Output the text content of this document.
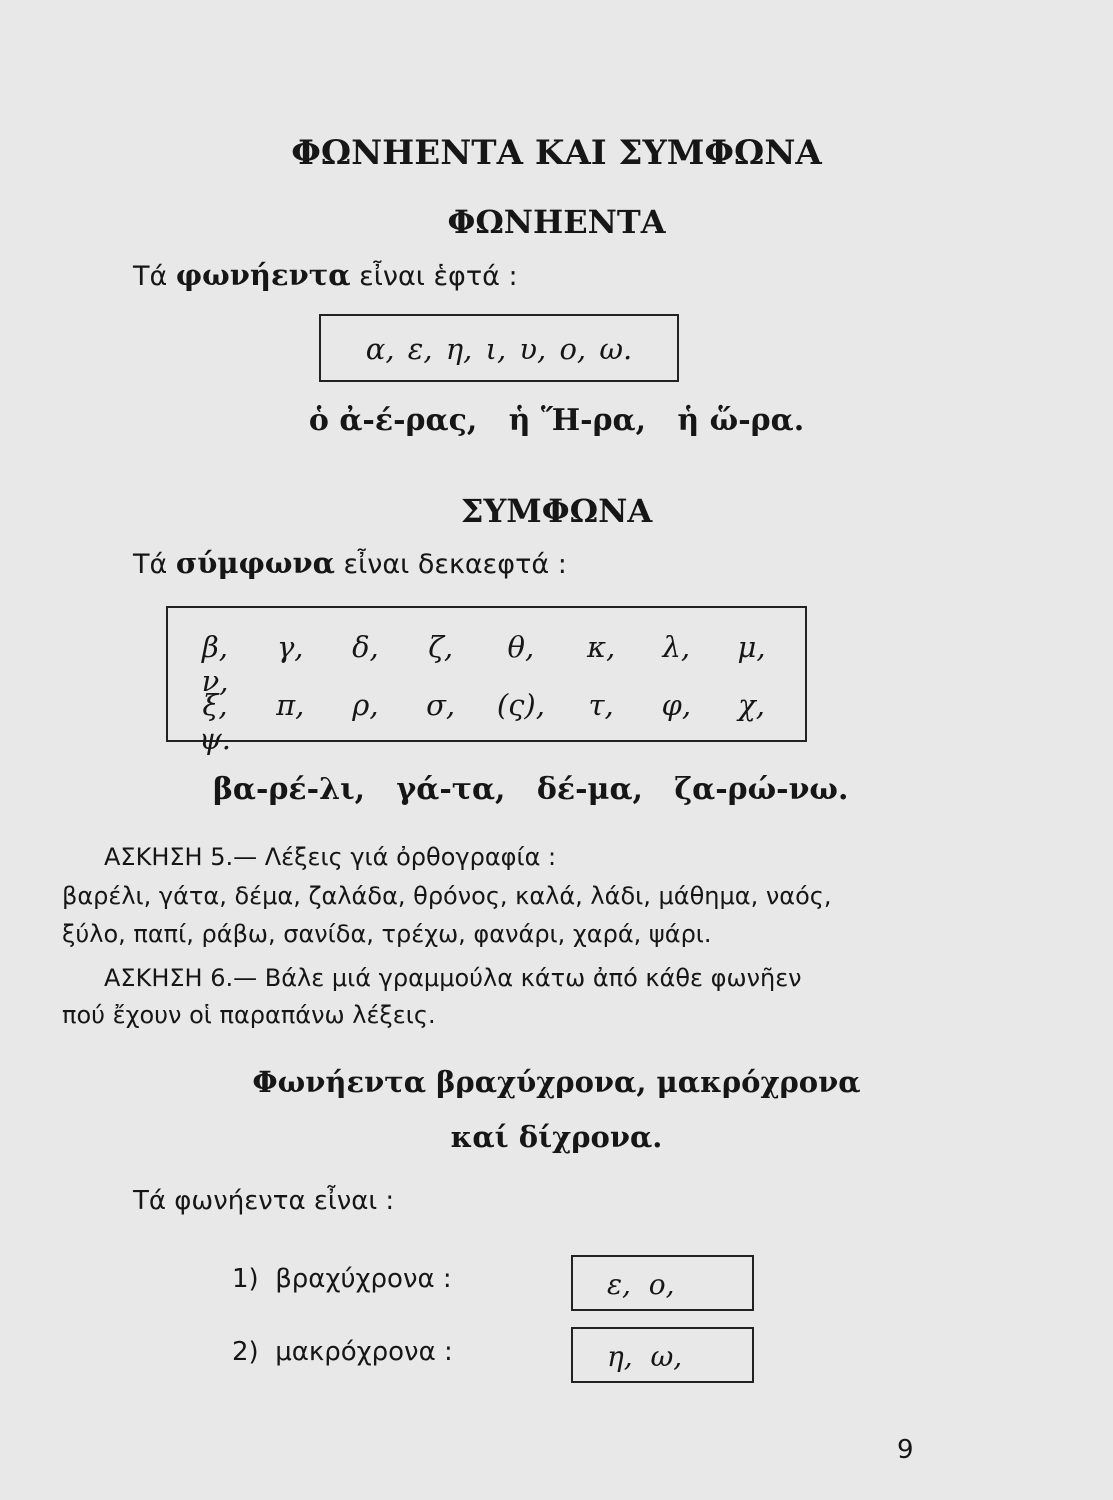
ΦΩΝΗΕΝΤΑ ΚΑΙ ΣΥΜΦΩΝΑ
ΦΩΝΗΕΝΤΑ
Τά φωνήεντα εἶναι ἑφτά :
α, ε, η, ι, υ, ο, ω.
ὁ ἀ-έ-ρας,   ἡ Ἥ-ρα,   ἡ ὥ-ρα.
ΣΥΜΦΩΝΑ
Τά σύμφωνα εἶναι δεκαεφτά :
β, γ, δ, ζ, θ, κ, λ, μ, ν,
ξ, π, ρ, σ, (ς), τ, φ, χ, ψ.
βα-ρέ-λι,   γά-τα,   δέ-μα,   ζα-ρώ-νω.
ΑΣΚΗΣΗ 5.— Λέξεις γιά ὀρθογραφία :
βαρέλι, γάτα, δέμα, ζαλάδα, θρόνος, καλά, λάδι, μάθημα, ναός,
ξύλο, παπί, ράβω, σανίδα, τρέχω, φανάρι, χαρά, ψάρι.
ΑΣΚΗΣΗ 6.— Βάλε μιά γραμμούλα κάτω ἀπό κάθε φωνῆεν
πού ἔχουν οἱ παραπάνω λέξεις.
Φωνήεντα βραχύχρονα, μακρόχρονα
καί δίχρονα.
Τά φωνήεντα εἶναι :
1)  βραχύχρονα :	ε,  ο,
2)  μακρόχρονα :	η,  ω,
9
